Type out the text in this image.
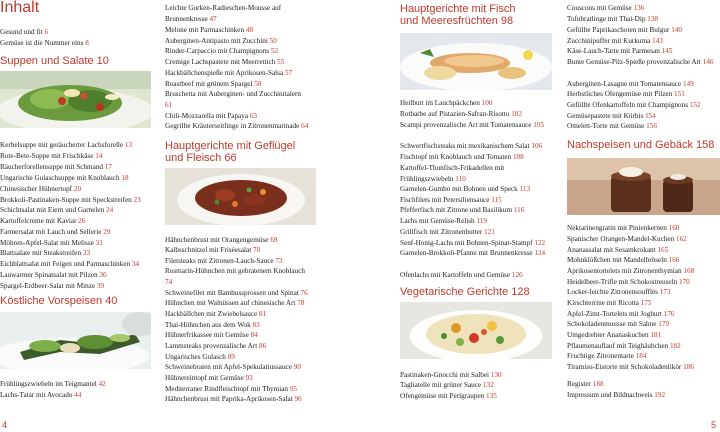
Inhalt
Gesund und fit 6
Gemüse ist die Nummer eins 8
Suppen und Salate 10
Kerbelsuppe mit geräucherter Lachsforelle 13
Rote-Bete-Suppe mit Frischkäse 14
Räucherforellensuppe mit Schmand 17
Ungarische Gulaschsuppe mit Knoblauch 18
Chinesischer Hühnertopf 20
Brokkoli-Pastinaken-Suppe mit Speckstreifen 23
Schichtsalat mit Eiern und Garnelen 24
Kartoffelcreme mit Kaviar 26
Farmersalat mit Lauch und Sellerie 29
Möhren-Apfel-Salat mit Melisse 31
Blattsalate mit Steakstreifen 33
Eichblattsalat mit Feigen und Parmaschinken 34
Lauwarmer Spinatsalat mit Pilzen 36
Spargel-Erdbeer-Salat mit Minze 39
Köstliche Vorspeisen 40
Frühlingszwiebeln im Teigmantel 42
Lachs-Tatar mit Avocado 44
Leichte Gurken-Radieschen-Mousse auf Brunnenkresse 47
Melone mit Parmaschinken 48
Auberginen-Antipasto mit Zucchini 50
Rinder-Carpaccio mit Champignons 52
Cremige Lachspastete mit Meerrettich 55
Hackbällchenspieße mit Aprikosen-Salsa 57
Roastbeef mit grünem Spargel 58
Bruschetta mit Auberginen- und Zucchinitalern 61
Chili-Mozzarella mit Papaya 63
Gegrillte Kräuterseitlinge in Zitronenmarinade 64
Hauptgerichte mit Geflügel
und Fleisch 66
Hähnchenbrust mit Orangengemüse 69
Kalbsschnitzel mit Friséesalat 70
Filetsteaks mit Zitronen-Lauch-Sauce 73
Rosmarin-Hühnchen mit gebratenem Knoblauch 74
Schweinefilet mit Bambussprossen und Spinat 76
Hühnchen mit Walnüssen auf chinesische Art 78
Hackbällchen mit Zwiebelsauce 81
Thai-Hühnchen aus dem Wok 83
Hühnerfrikassee mit Gemüse 84
Lammsteaks provenzalische Art 86
Ungarisches Gulasch 89
Schweinebraten mit Apfel-Spekulatiussauce 90
Hühnereintopf mit Gemüse 93
Mediterraner Rindfleischtopf mit Thymian 95
Hähnchenbrust mit Paprika-Aprikosen-Salat 96
Hauptgerichte mit Fisch
und Meeresfrüchten 98
Heilbutt im Lauchpäckchen 100
Rotbarbe auf Pistazien-Safran-Risotto 102
Scampi provenzalische Art mit Tomatensauce 105
Schwertfischsteaks mit mexikanischem Salat 106
Fischtopf mit Knoblauch und Tomaten 108
Kartoffel-Thunfisch-Frikadellen mit Frühlingszwiebeln 110
Garnelen-Gumbo mit Bohnen und Speck 113
Fischfilets mit Petersiliensauce 115
Pfefferfisch mit Zitrone und Basilikum 116
Lachs mit Gemüse-Relish 119
Grillfisch mit Zitronenbutter 121
Senf-Honig-Lachs mit Bohnen-Spinat-Stampf 122
Garnelen-Brokkoli-Pfanne mit Brunnenkresse 124
Ofenlachs mit Kartoffeln und Gemüse 126
Vegetarische Gerichte 128
Pastinaken-Gnocchi mit Salbei 130
Tagliatelle mit grüner Sauce 132
Ofengemüse mit Perlgraupen 135
Couscous mit Gemüse 136
Tofubratlinge mit Thai-Dip 138
Gefüllte Paprikaschoten mit Bulgur 140
Zucchinipuffer mit Kurkuma 143
Käse-Lauch-Tarte mit Parmesan 145
Bunte Gemüse-Pilz-Spieße provenzalische Art 146
Auberginen-Lasagne mit Tomatensauce 149
Herbstliches Ofengemüse mit Pilzen 151
Gefüllte Ofenkartoffeln mit Champignons 152
Gemüsepastete mit Kürbis 154
Omelett-Torte mit Gemüse 156
Nachspeisen und Gebäck 158
Nektarinengratin mit Pinienkernen 160
Spanischer Orangen-Mandel-Kuchen 162
Ananassalat mit Sesamkrokant 165
Mohnklößchen mit Mandelbröseln 166
Aprikosentortelets mit Zitronenthymian 168
Heidelbeer-Trifle mit Schokostreuseln 170
Locker-leichte Zitronensoufflés 173
Kirschterrine mit Ricotta 175
Apfel-Zimt-Tortelets mit Joghurt 176
Schokoladenmousse mit Sahne 179
Umgedrehter Ananaskuchen 181
Pflaumenauflauf mit Teighäubchen 182
Fruchtige Zitronentarte 184
Tiramisu-Eistorte mit Schokoladenlikör 186
Register 188
Impressum und Bildnachweis 192
4	5
